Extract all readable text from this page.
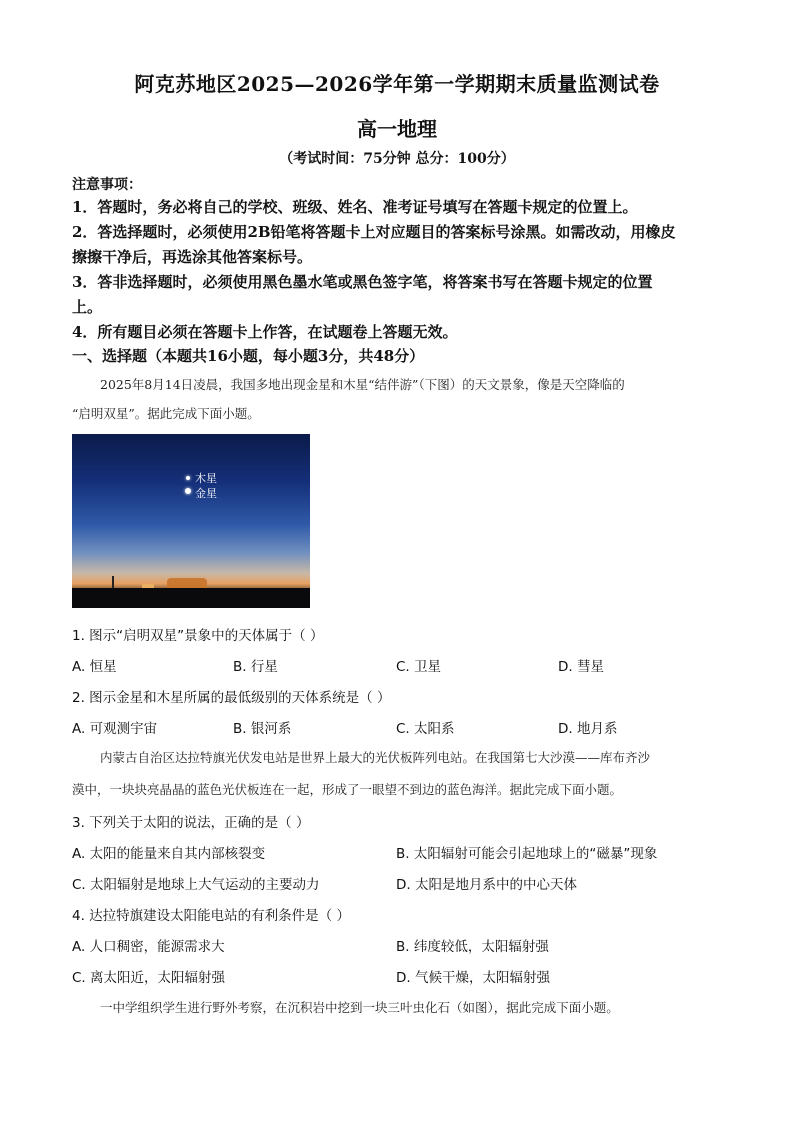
阿克苏地区2025—2026学年第一学期期末质量监测试卷
高一地理
（考试时间：75分钟 总分：100分）
注意事项：
1．答题时，务必将自己的学校、班级、姓名、准考证号填写在答题卡规定的位置上。
2．答选择题时，必须使用2B铅笔将答题卡上对应题目的答案标号涂黑。如需改动，用橡皮
擦擦干净后，再选涂其他答案标号。
3．答非选择题时，必须使用黑色墨水笔或黑色签字笔，将答案书写在答题卡规定的位置
上。
4．所有题目必须在答题卡上作答，在试题卷上答题无效。
一、选择题（本题共16小题，每小题3分，共48分）
2025年8月14日凌晨，我国多地出现金星和木星“结伴游”（下图）的天文景象，像是天空降临的
“启明双星”。据此完成下面小题。
木星
金星
1. 图示“启明双星”景象中的天体属于（ ）
A. 恒星	B. 行星	C. 卫星	D. 彗星
2. 图示金星和木星所属的最低级别的天体系统是（ ）
A. 可观测宇宙	B. 银河系	C. 太阳系	D. 地月系
内蒙古自治区达拉特旗光伏发电站是世界上最大的光伏板阵列电站。在我国第七大沙漠——库布齐沙
漠中，一块块亮晶晶的蓝色光伏板连在一起，形成了一眼望不到边的蓝色海洋。据此完成下面小题。
3. 下列关于太阳的说法，正确的是（ ）
A. 太阳的能量来自其内部核裂变	B. 太阳辐射可能会引起地球上的“磁暴”现象
C. 太阳辐射是地球上大气运动的主要动力	D. 太阳是地月系中的中心天体
4. 达拉特旗建设太阳能电站的有利条件是（ ）
A. 人口稠密，能源需求大	B. 纬度较低，太阳辐射强
C. 离太阳近，太阳辐射强	D. 气候干燥，太阳辐射强
一中学组织学生进行野外考察，在沉积岩中挖到一块三叶虫化石（如图），据此完成下面小题。
